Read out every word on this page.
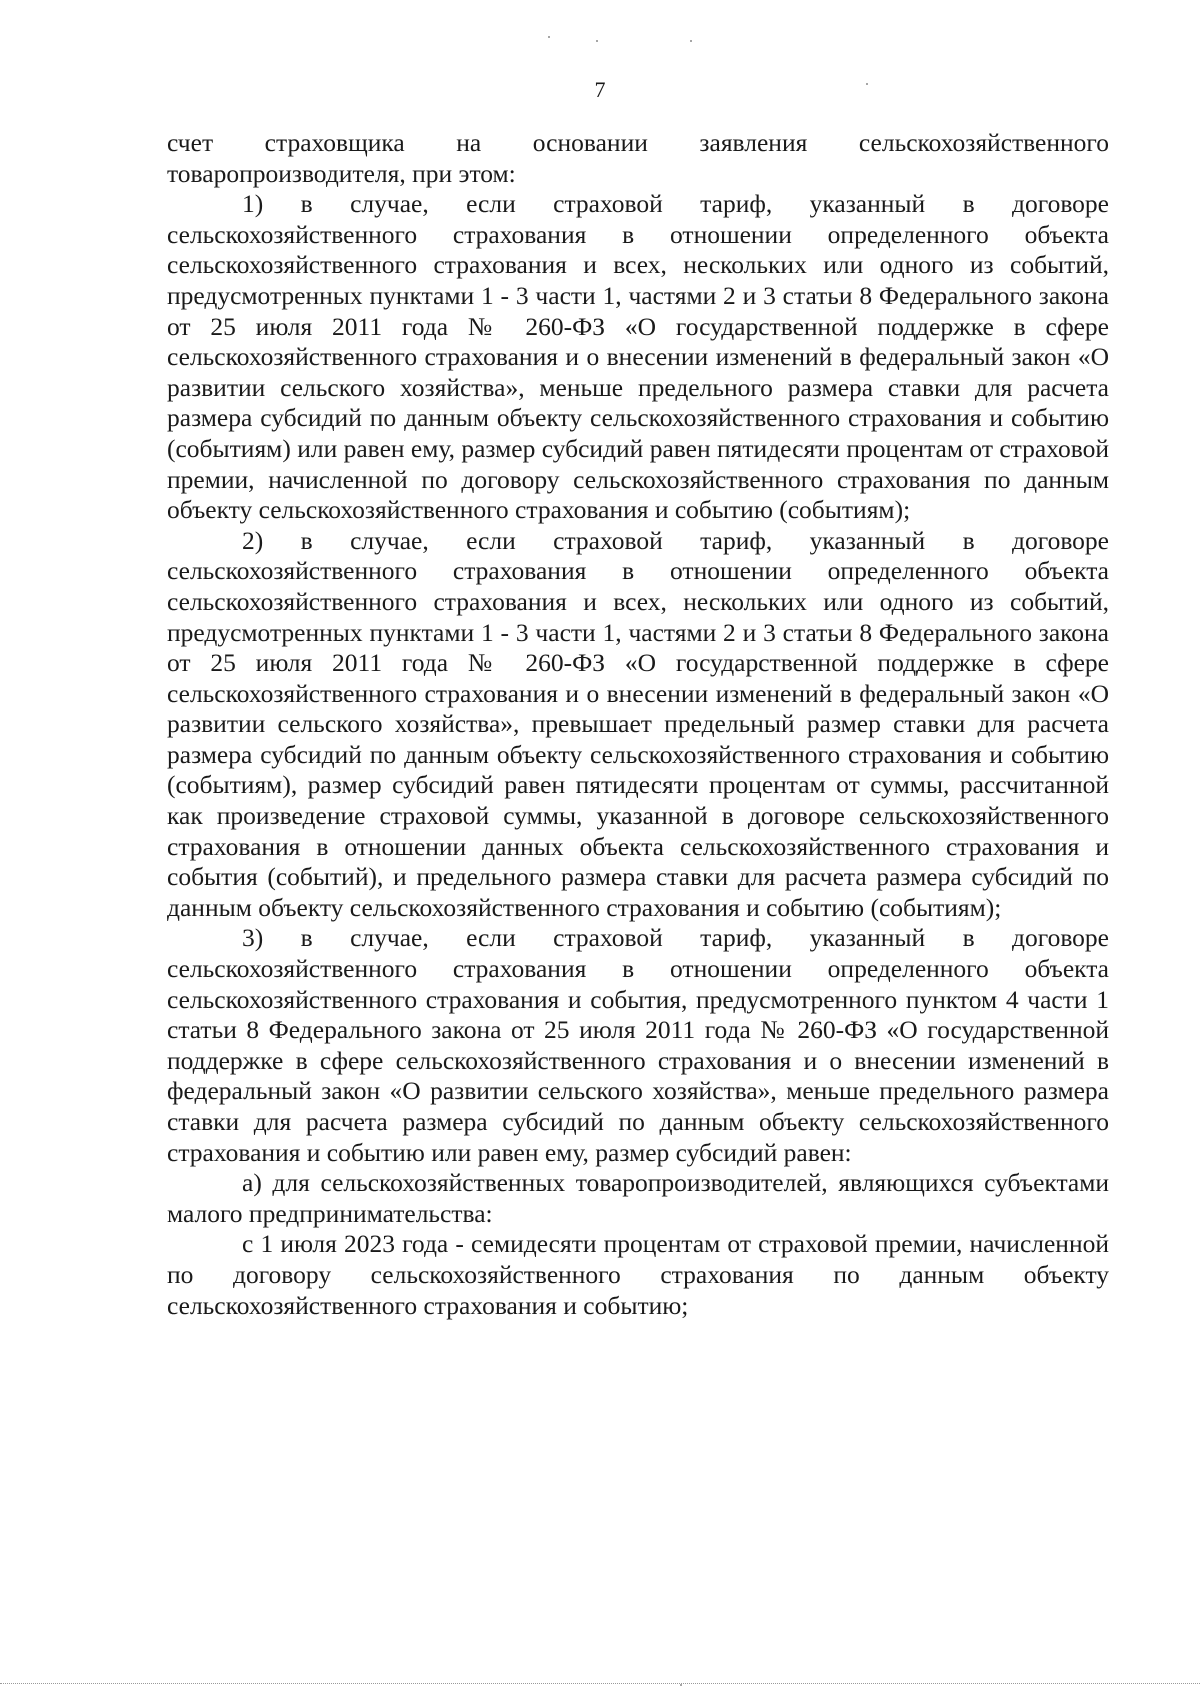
7

счет страховщика на основании заявления сельскохозяйственного товаропроизводителя, при этом:

1) в случае, если страховой тариф, указанный в договоре сельскохозяйственного страхования в отношении определенного объекта сельскохозяйственного страхования и всех, нескольких или одного из событий, предусмотренных пунктами 1 - 3 части 1, частями 2 и 3 статьи 8 Федерального закона от 25 июля 2011 года № 260-ФЗ «О государственной поддержке в сфере сельскохозяйственного страхования и о внесении изменений в федеральный закон «О развитии сельского хозяйства», меньше предельного размера ставки для расчета размера субсидий по данным объекту сельскохозяйственного страхования и событию (событиям) или равен ему, размер субсидий равен пятидесяти процентам от страховой премии, начисленной по договору сельскохозяйственного страхования по данным объекту сельскохозяйственного страхования и событию (событиям);

2) в случае, если страховой тариф, указанный в договоре сельскохозяйственного страхования в отношении определенного объекта сельскохозяйственного страхования и всех, нескольких или одного из событий, предусмотренных пунктами 1 - 3 части 1, частями 2 и 3 статьи 8 Федерального закона от 25 июля 2011 года № 260-ФЗ «О государственной поддержке в сфере сельскохозяйственного страхования и о внесении изменений в федеральный закон «О развитии сельского хозяйства», превышает предельный размер ставки для расчета размера субсидий по данным объекту сельскохозяйственного страхования и событию (событиям), размер субсидий равен пятидесяти процентам от суммы, рассчитанной как произведение страховой суммы, указанной в договоре сельскохозяйственного страхования в отношении данных объекта сельскохозяйственного страхования и события (событий), и предельного размера ставки для расчета размера субсидий по данным объекту сельскохозяйственного страхования и событию (событиям);

3) в случае, если страховой тариф, указанный в договоре сельскохозяйственного страхования в отношении определенного объекта сельскохозяйственного страхования и события, предусмотренного пунктом 4 части 1 статьи 8 Федерального закона от 25 июля 2011 года № 260-ФЗ «О государственной поддержке в сфере сельскохозяйственного страхования и о внесении изменений в федеральный закон «О развитии сельского хозяйства», меньше предельного размера ставки для расчета размера субсидий по данным объекту сельскохозяйственного страхования и событию или равен ему, размер субсидий равен:

а) для сельскохозяйственных товаропроизводителей, являющихся субъектами малого предпринимательства:

с 1 июля 2023 года - семидесяти процентам от страховой премии, начисленной по договору сельскохозяйственного страхования по данным объекту сельскохозяйственного страхования и событию;
